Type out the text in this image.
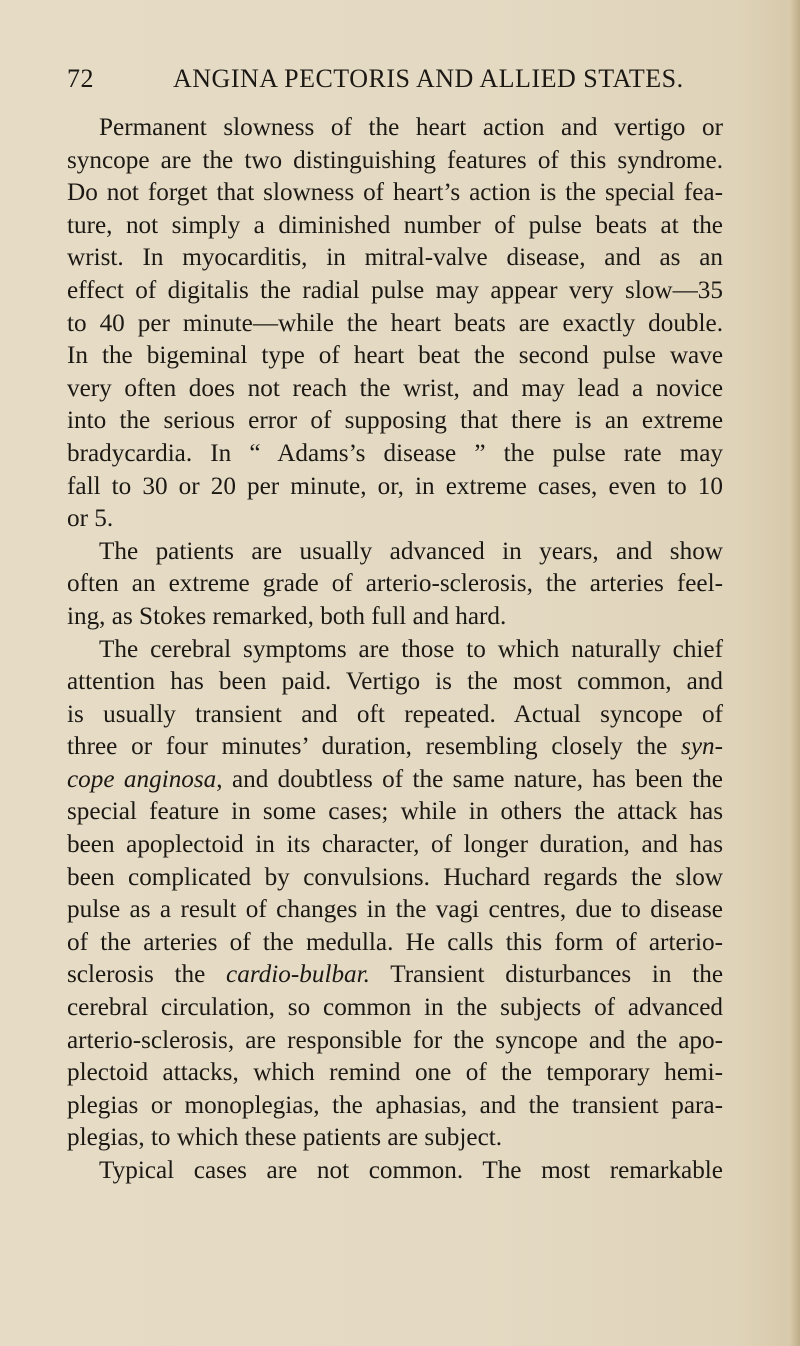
72	ANGINA PECTORIS AND ALLIED STATES.
Permanent slowness of the heart action and vertigo or
syncope are the two distinguishing features of this syndrome.
Do not forget that slowness of heart’s action is the special fea-
ture, not simply a diminished number of pulse beats at the
wrist. In myocarditis, in mitral-valve disease, and as an
effect of digitalis the radial pulse may appear very slow—35
to 40 per minute—while the heart beats are exactly double.
In the bigeminal type of heart beat the second pulse wave
very often does not reach the wrist, and may lead a novice
into the serious error of supposing that there is an extreme
bradycardia. In “ Adams’s disease ” the pulse rate may
fall to 30 or 20 per minute, or, in extreme cases, even to 10
or 5.
The patients are usually advanced in years, and show
often an extreme grade of arterio-sclerosis, the arteries feel-
ing, as Stokes remarked, both full and hard.
The cerebral symptoms are those to which naturally chief
attention has been paid. Vertigo is the most common, and
is usually transient and oft repeated. Actual syncope of
three or four minutes’ duration, resembling closely the syn-
cope anginosa, and doubtless of the same nature, has been the
special feature in some cases; while in others the attack has
been apoplectoid in its character, of longer duration, and has
been complicated by convulsions. Huchard regards the slow
pulse as a result of changes in the vagi centres, due to disease
of the arteries of the medulla. He calls this form of arterio-
sclerosis the cardio-bulbar. Transient disturbances in the
cerebral circulation, so common in the subjects of advanced
arterio-sclerosis, are responsible for the syncope and the apo-
plectoid attacks, which remind one of the temporary hemi-
plegias or monoplegias, the aphasias, and the transient para-
plegias, to which these patients are subject.
Typical cases are not common. The most remarkable
